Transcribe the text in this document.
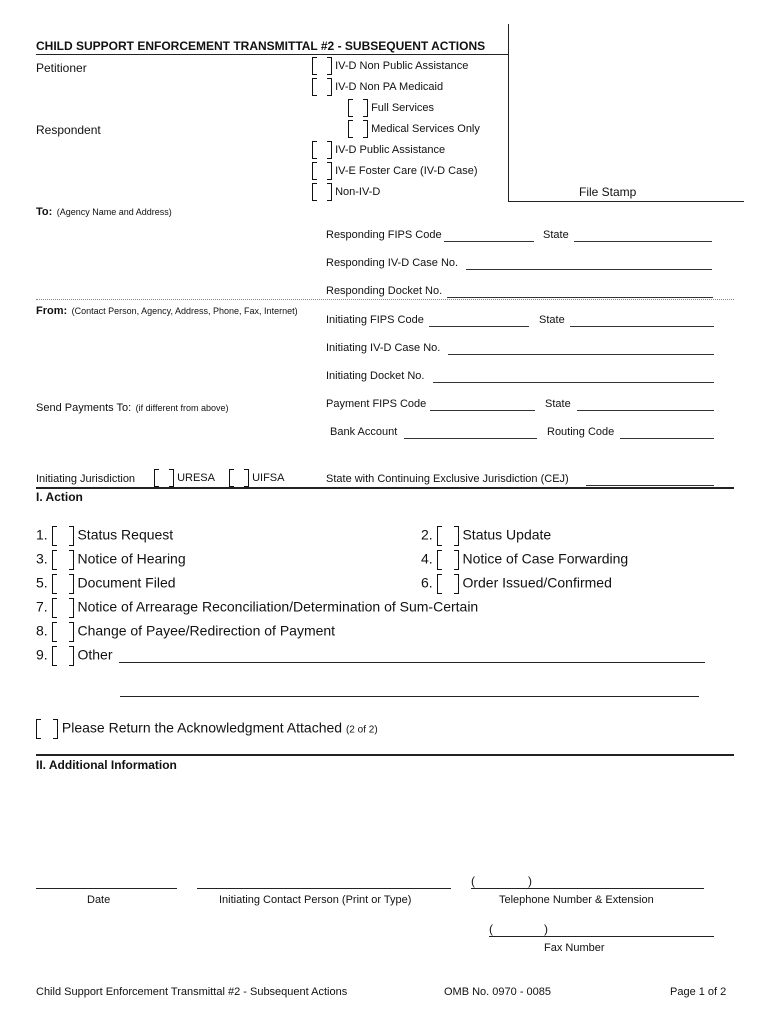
CHILD SUPPORT ENFORCEMENT TRANSMITTAL #2 - SUBSEQUENT ACTIONS
File Stamp
Petitioner
Respondent
IV-D Non Public Assistance
IV-D Non PA Medicaid
Full Services
Medical Services Only
IV-D Public Assistance
IV-E Foster Care (IV-D Case)
Non-IV-D
To: (Agency Name and Address)
Responding FIPS Code	State
Responding IV-D Case No.
Responding Docket No.
From: (Contact Person, Agency, Address, Phone, Fax, Internet)
Initiating FIPS Code	State
Initiating IV-D Case No.
Initiating Docket No.
Send Payments To: (if different from above)	Payment FIPS Code	State
Bank Account	Routing Code
Initiating Jurisdiction	URESA	UIFSA	State with Continuing Exclusive Jurisdiction (CEJ)
I. Action
1. Status Request	2. Status Update
3. Notice of Hearing	4. Notice of Case Forwarding
5. Document Filed	6. Order Issued/Confirmed
7. Notice of Arrearage Reconciliation/Determination of Sum-Certain
8. Change of Payee/Redirection of Payment
9. Other
Please Return the Acknowledgment Attached (2 of 2)
II. Additional Information
Date	Initiating Contact Person (Print or Type)
(	)
Telephone Number & Extension
(	)
Fax Number
Child Support Enforcement Transmittal #2 - Subsequent Actions	OMB No. 0970 - 0085	Page 1 of 2
